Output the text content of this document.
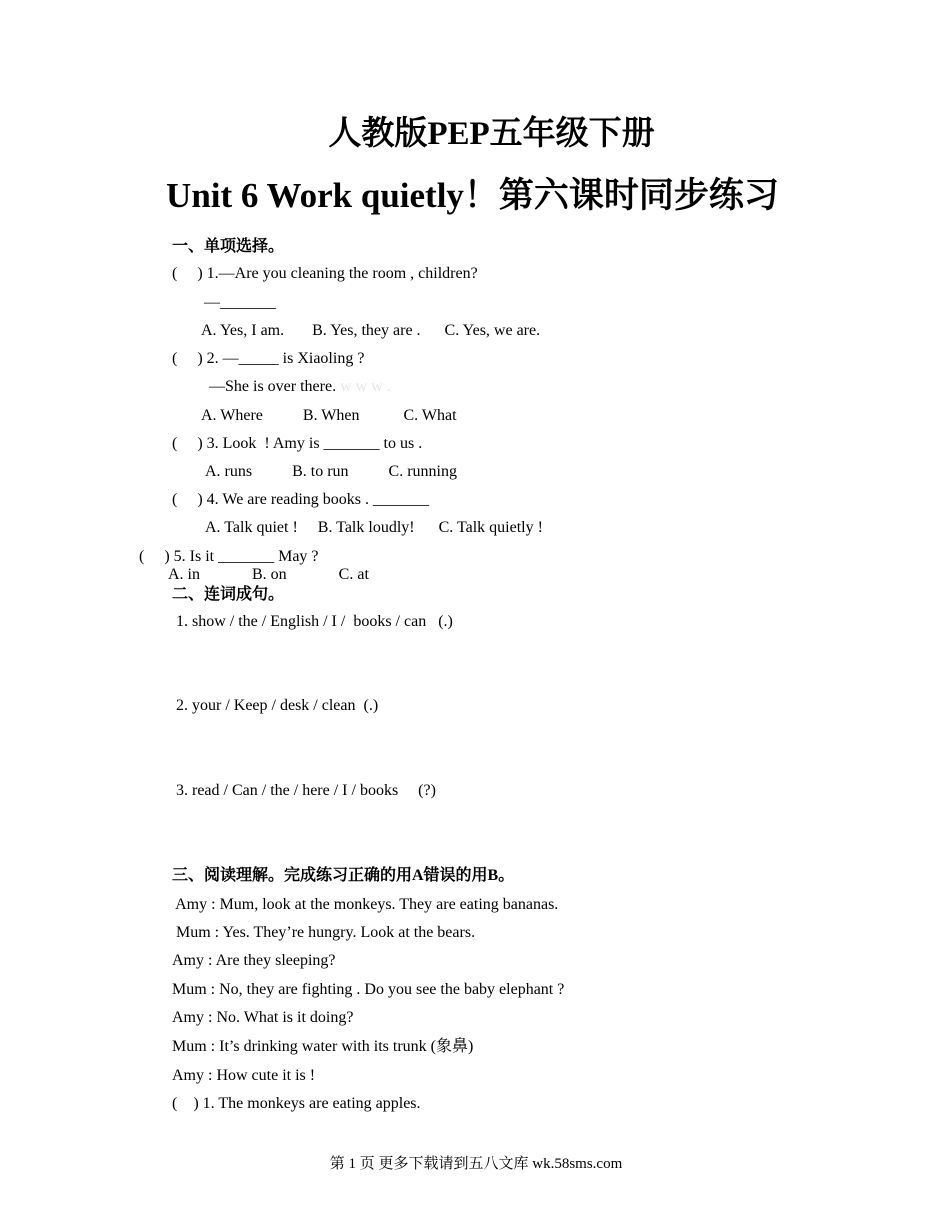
人教版PEP五年级下册
Unit 6 Work quietly！第六课时同步练习
一、单项选择。
(     ) 1.—Are you cleaning the room , children?
—_______
A. Yes, I am.       B. Yes, they are .      C. Yes, we are.
(     ) 2. —_____ is Xiaoling ?
—She is over there. w w w .
A. Where          B. When           C. What
(     ) 3. Look  ! Amy is _______ to us .
A. runs          B. to run          C. running
(     ) 4. We are reading books . _______
A. Talk quiet !     B. Talk loudly!      C. Talk quietly !
(     ) 5. Is it _______ May ?
A. in             B. on             C. at
二、连词成句。
1. show / the / English / I /  books / can   (.)
2. your / Keep / desk / clean  (.)
3. read / Can / the / here / I / books     (?)
三、阅读理解。完成练习正确的用A错误的用B。
Amy : Mum, look at the monkeys. They are eating bananas.
Mum : Yes. They’re hungry. Look at the bears.
Amy : Are they sleeping?
Mum : No, they are fighting . Do you see the baby elephant ?
Amy : No. What is it doing?
Mum : It’s drinking water with its trunk (象鼻)
Amy : How cute it is !
(    ) 1. The monkeys are eating apples.
第 1 页 更多下载请到五八文库 wk.58sms.com
